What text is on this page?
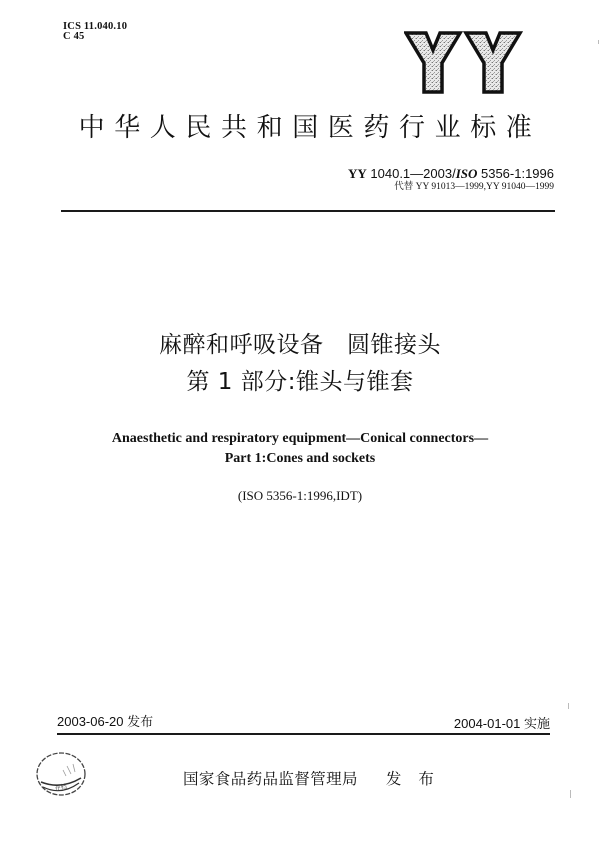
ICS 11.040.10
C 45
中华人民共和国医药行业标准
YY 1040.1—2003/ISO 5356-1:1996
代替 YY 91013—1999,YY 91040—1999
麻醉和呼吸设备   圆锥接头
第 1 部分:锥头与锥套
Anaesthetic and respiratory equipment—Conical connectors—
Part 1:Cones and sockets
(ISO 5356-1:1996,IDT)
2003-06-20 发布	2004-01-01 实施
存档	国家食品药品监督管理局 发 布
